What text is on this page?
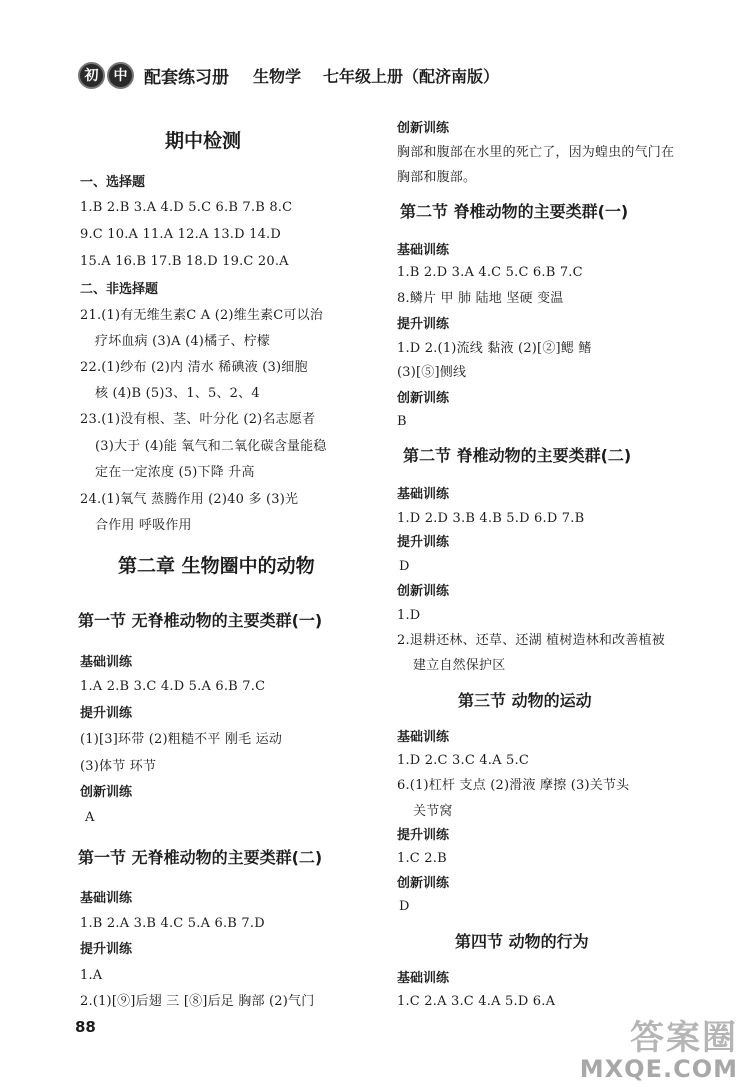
初	中 配套练习册 生物学 七年级上册（配济南版）
期中检测
一、选择题
1.B 2.B 3.A 4.D 5.C 6.B 7.B 8.C
9.C 10.A 11.A 12.A 13.D 14.D
15.A 16.B 17.B 18.D 19.C 20.A
二、非选择题
21.(1)有无维生素C A (2)维生素C可以治
疗坏血病 (3)A (4)橘子、柠檬
22.(1)纱布 (2)内 清水 稀碘液 (3)细胞
核 (4)B (5)3、1、5、2、4
23.(1)没有根、茎、叶分化 (2)名志愿者
(3)大于 (4)能 氧气和二氧化碳含量能稳
定在一定浓度 (5)下降 升高
24.(1)氧气 蒸腾作用 (2)40 多 (3)光
合作用 呼吸作用
第二章 生物圈中的动物
第一节 无脊椎动物的主要类群(一)
基础训练
1.A 2.B 3.C 4.D 5.A 6.B 7.C
提升训练
(1)[3]环带 (2)粗糙不平 刚毛 运动
(3)体节 环节
创新训练
A
第一节 无脊椎动物的主要类群(二)
基础训练
1.B 2.A 3.B 4.C 5.A 6.B 7.D
提升训练
1.A
2.(1)[⑨]后翅 三 [⑧]后足 胸部 (2)气门
创新训练
胸部和腹部在水里的死亡了，因为蝗虫的气门在
胸部和腹部。
第二节 脊椎动物的主要类群(一)
基础训练
1.B 2.D 3.A 4.C 5.C 6.B 7.C
8.鳞片 甲 肺 陆地 坚硬 变温
提升训练
1.D 2.(1)流线 黏液 (2)[②]鳃 鳍
(3)[⑤]侧线
创新训练
B
第二节 脊椎动物的主要类群(二)
基础训练
1.D 2.D 3.B 4.B 5.D 6.D 7.B
提升训练
D
创新训练
1.D
2.退耕还林、还草、还湖 植树造林和改善植被
建立自然保护区
第三节 动物的运动
基础训练
1.D 2.C 3.C 4.A 5.C
6.(1)杠杆 支点 (2)滑液 摩擦 (3)关节头
关节窝
提升训练
1.C 2.B
创新训练
D
第四节 动物的行为
基础训练
1.C 2.A 3.C 4.A 5.D 6.A
88	答案圈
MXQE.COM
